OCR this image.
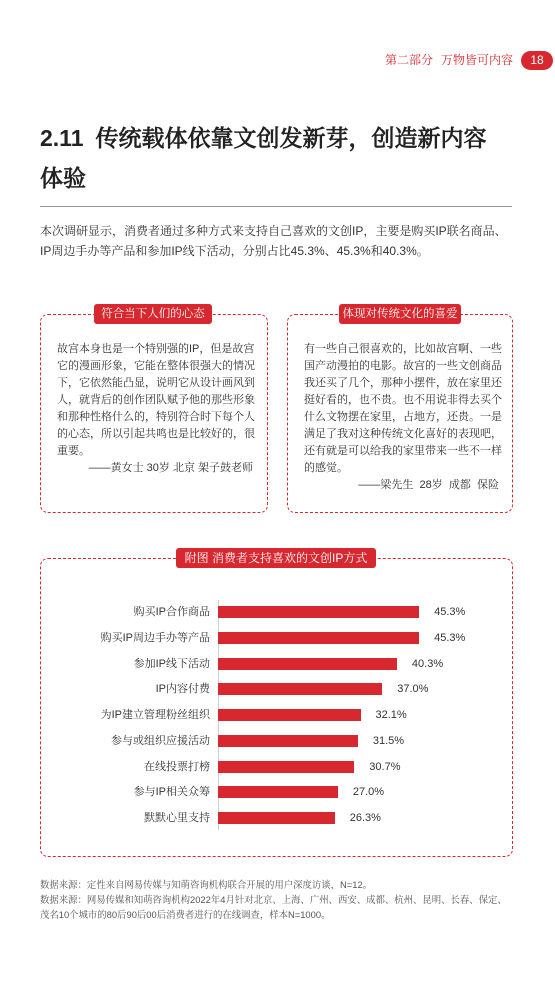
第二部分 万物皆可内容	18
2.11 传统载体依靠文创发新芽，创造新内容
体验
本次调研显示，消费者通过多种方式来支持自己喜欢的文创IP，主要是购买IP联名商品、
IP周边手办等产品和参加IP线下活动，分别占比45.3%、45.3%和40.3%。
符合当下人们的心态
故宫本身也是一个特别强的IP，但是故宫
它的漫画形象，它能在整体很强大的情况
下，它依然能凸显，说明它从设计画风到
人，就背后的创作团队赋予他的那些形象
和那种性格什么的，特别符合时下每个人
的心态，所以引起共鸣也是比较好的，很
重要。
——黄女士 30岁 北京 架子鼓老师
体现对传统文化的喜爱
有一些自己很喜欢的，比如故宫啊、一些
国产动漫拍的电影。故宫的一些文创商品
我还买了几个，那种小摆件，放在家里还
挺好看的，也不贵。也不用说非得去买个
什么文物摆在家里，占地方，还贵。一是
满足了我对这种传统文化喜好的表现吧，
还有就是可以给我的家里带来一些不一样
的感觉。
——梁先生  28岁  成都  保险
购买IP合作商品	45.3%
购买IP周边手办等产品	45.3%
参加IP线下活动	40.3%
IP内容付费	37.0%
为IP建立管理粉丝组织	32.1%
参与或组织应援活动	31.5%
在线投票打榜	30.7%
参与IP相关众筹	27.0%
默默心里支持	26.3%
附图 消费者支持喜欢的文创IP方式
数据来源：定性来自网易传媒与知萌咨询机构联合开展的用户深度访谈，N=12。
数据来源：网易传媒和知萌咨询机构2022年4月针对北京、上海、广州、西安、成都、杭州、昆明、长春、保定、
茂名10个城市的80后90后00后消费者进行的在线调查，样本N=1000。
